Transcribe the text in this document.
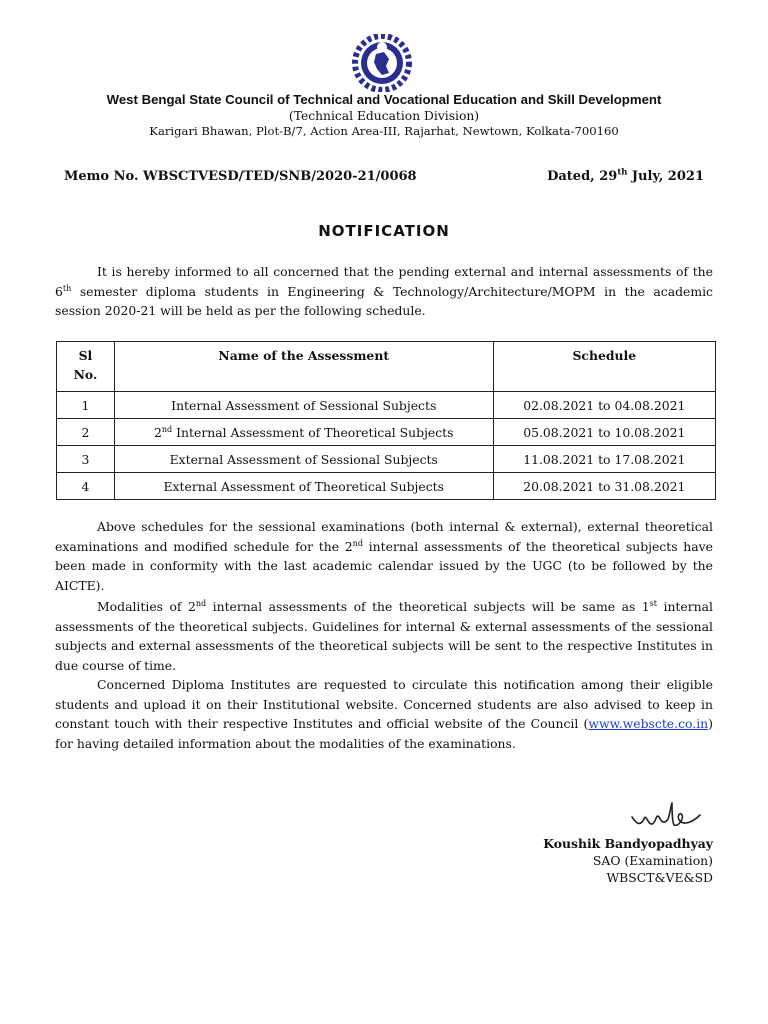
West Bengal State Council of Technical and Vocational Education and Skill Development
(Technical Education Division)
Karigari Bhawan, Plot-B/7, Action Area-III, Rajarhat, Newtown, Kolkata-700160
Memo No. WBSCTVESD/TED/SNB/2020-21/0068	Dated, 29th July, 2021
NOTIFICATION

It is hereby informed to all concerned that the pending external and internal assessments of the 6th semester diploma students in Engineering & Technology/Architecture/MOPM in the academic session 2020-21 will be held as per the following schedule.

Sl
No.	Name of the Assessment	Schedule
1	Internal Assessment of Sessional Subjects	02.08.2021 to 04.08.2021
2	2nd Internal Assessment of Theoretical Subjects	05.08.2021 to 10.08.2021
3	External Assessment of Sessional Subjects	11.08.2021 to 17.08.2021
4	External Assessment of Theoretical Subjects	20.08.2021 to 31.08.2021

Above schedules for the sessional examinations (both internal & external), external theoretical examinations and modified schedule for the 2nd internal assessments of the theoretical subjects have been made in conformity with the last academic calendar issued by the UGC (to be followed by the AICTE).

Modalities of 2nd internal assessments of the theoretical subjects will be same as 1st internal assessments of the theoretical subjects. Guidelines for internal & external assessments of the sessional subjects and external assessments of the theoretical subjects will be sent to the respective Institutes in due course of time.

Concerned Diploma Institutes are requested to circulate this notification among their eligible students and upload it on their Institutional website. Concerned students are also advised to keep in constant touch with their respective Institutes and official website of the Council (www.webscte.co.in) for having detailed information about the modalities of the examinations.

Koushik Bandyopadhyay
SAO (Examination)
WBSCT&VE&SD
